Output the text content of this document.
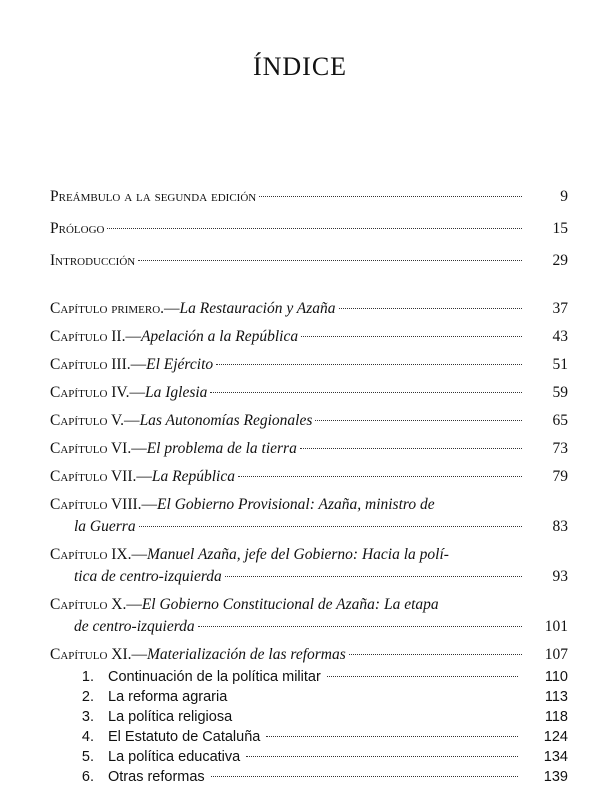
ÍNDICE
Preámbulo a la segunda edición	9
Prólogo	15
Introducción	29
Capítulo primero.—La Restauración y Azaña	37
Capítulo II.—Apelación a la República	43
Capítulo III.—El Ejército	51
Capítulo IV.—La Iglesia	59
Capítulo V.—Las Autonomías Regionales	65
Capítulo VI.—El problema de la tierra	73
Capítulo VII.—La República	79
Capítulo VIII.—El Gobierno Provisional: Azaña, ministro de
la Guerra	83
Capítulo IX.—Manuel Azaña, jefe del Gobierno: Hacia la polí-
tica de centro-izquierda	93
Capítulo X.—El Gobierno Constitucional de Azaña: La etapa
de centro-izquierda	101
Capítulo XI.—Materialización de las reformas	107
1. Continuación de la política militar	110
2. La reforma agraria	113
3. La política religiosa	118
4. El Estatuto de Cataluña	124
5. La política educativa	134
6. Otras reformas	139
